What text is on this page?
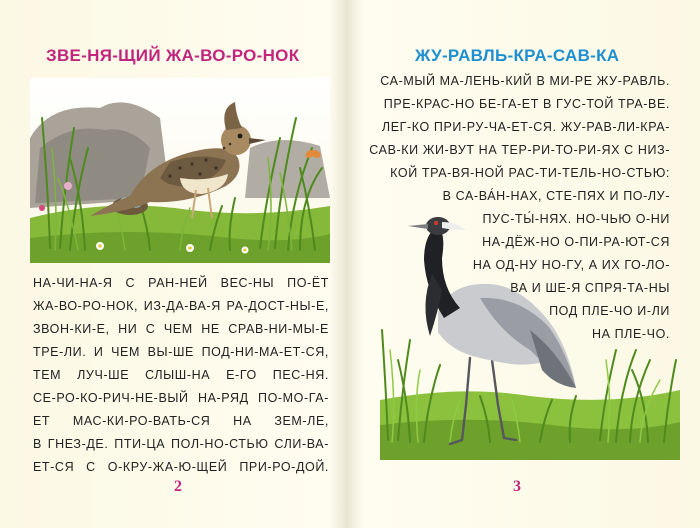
ЗВЕ-НЯ-ЩИЙ ЖА-ВО-РО-НОК
НА-ЧИ-НА-Я С РАН-НЕЙ ВЕС-НЫ ПО-ЁТ
ЖА-ВО-РО-НОК, ИЗ-ДА-ВА-Я РА-ДОСТ-НЫ-Е,
ЗВОН-КИ-Е, НИ С ЧЕМ НЕ СРАВ-НИ-МЫ-Е
ТРЕ-ЛИ. И ЧЕМ ВЫ-ШЕ ПОД-НИ-МА-ЕТ-СЯ,
ТЕМ ЛУЧ-ШЕ СЛЫШ-НА Е-ГО ПЕС-НЯ.
СЕ-РО-КО-РИЧ-НЕ-ВЫЙ НА-РЯД ПО-МО-ГА-
ЕТ МАС-КИ-РО-ВАТЬ-СЯ НА ЗЕМ-ЛЕ,
В ГНЕЗ-ДЕ. ПТИ-ЦА ПОЛ-НО-СТЬЮ СЛИ-ВА-
ЕТ-СЯ С О-КРУ-ЖА-Ю-ЩЕЙ ПРИ-РО-ДОЙ.
2
ЖУ-РАВЛЬ-КРА-САВ-КА
СА-МЫЙ МА-ЛЕНЬ-КИЙ В МИ-РЕ ЖУ-РАВЛЬ.
ПРЕ-КРАС-НО БЕ-ГА-ЕТ В ГУС-ТОЙ ТРА-ВЕ.
ЛЕГ-КО ПРИ-РУ-ЧА-ЕТ-СЯ. ЖУ-РАВ-ЛИ-КРА-
САВ-КИ ЖИ-ВУТ НА ТЕР-РИ-ТО-РИ-ЯХ С НИЗ-
КОЙ ТРА-ВЯ-НОЙ РАС-ТИ-ТЕЛЬ-НО-СТЬЮ:
В СА-ВА́Н-НАХ, СТЕ-ПЯХ И ПО-ЛУ-
ПУС-ТЫ́-НЯХ. НО-ЧЬЮ О-НИ
НА-ДЁЖ-НО О-ПИ-РА-ЮТ-СЯ
НА ОД-НУ НО-ГУ, А ИХ ГО-ЛО-
ВА И ШЕ-Я СПРЯ-ТА-НЫ
ПОД ПЛЕ-ЧО И-ЛИ
НА ПЛЕ-ЧО.
3
